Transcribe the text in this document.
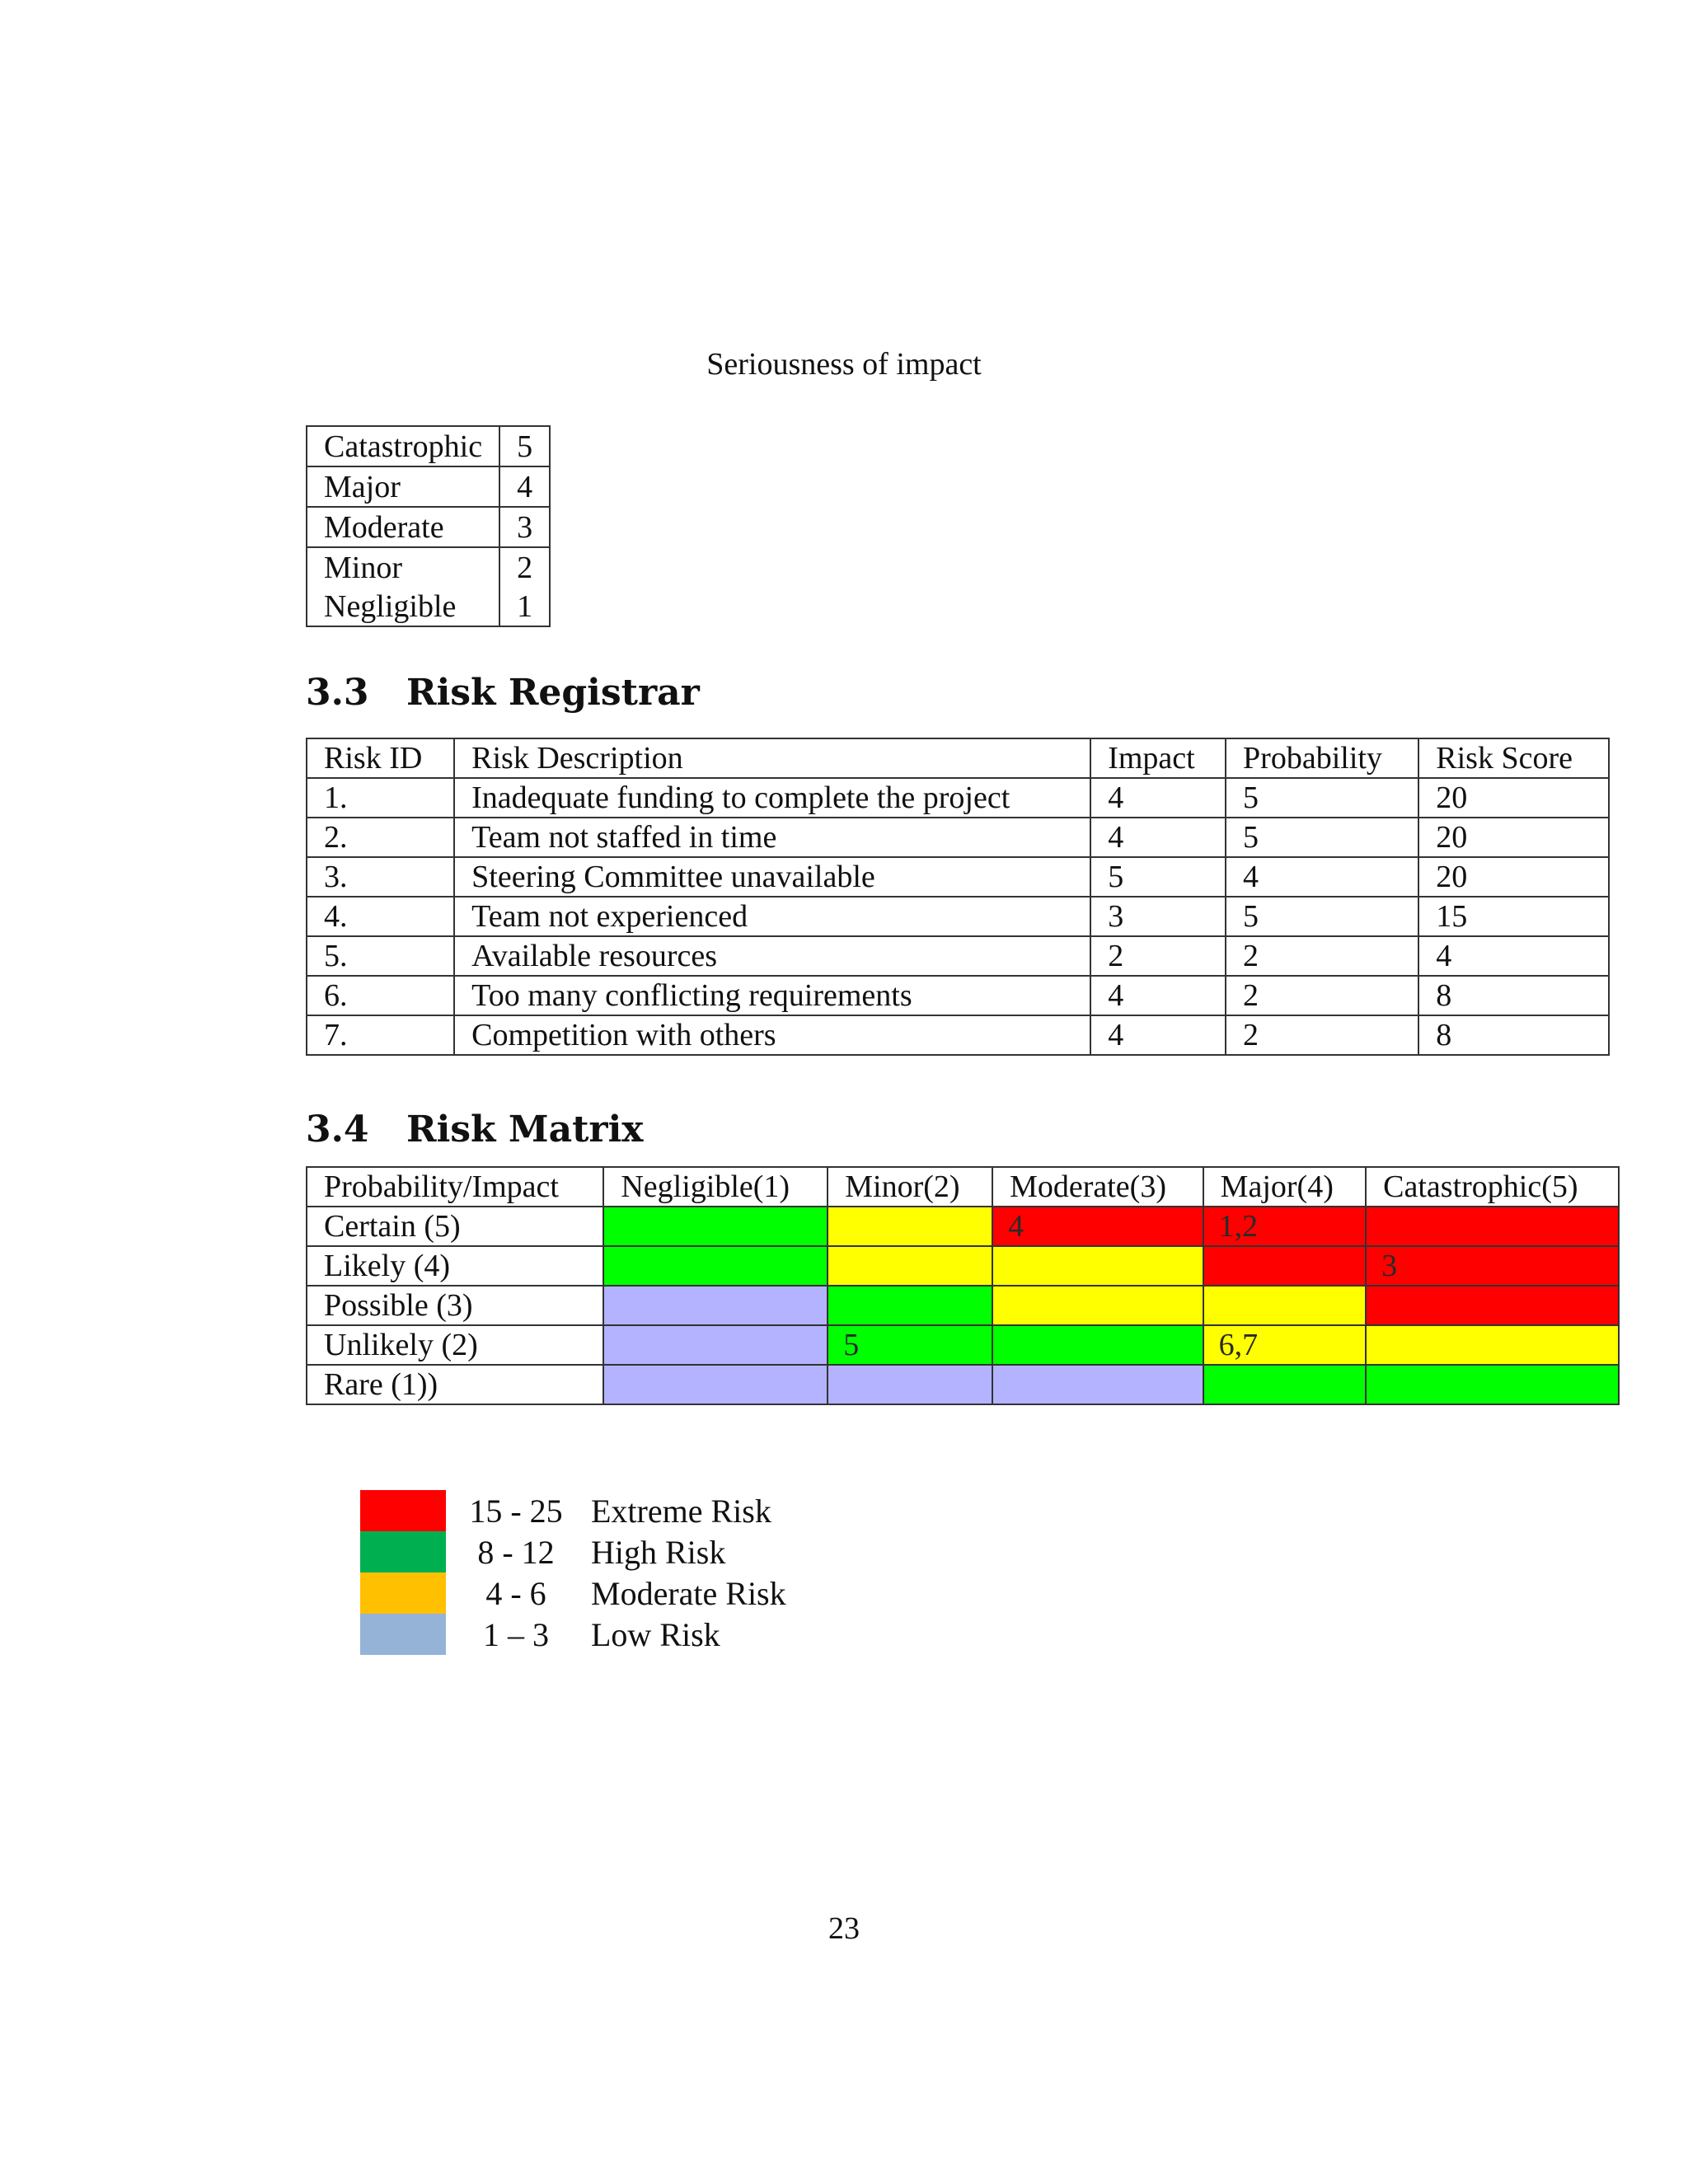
Seriousness of impact
Catastrophic	5
Major	4
Moderate	3
Minor	2
Negligible	1
3.3 Risk Registrar
Risk ID	Risk Description	Impact	Probability	Risk Score
1.	Inadequate funding to complete the project	4	5	20
2.	Team not staffed in time	4	5	20
3.	Steering Committee unavailable	5	4	20
4.	Team not experienced	3	5	15
5.	Available resources	2	2	4
6.	Too many conflicting requirements	4	2	8
7.	Competition with others	4	2	8
3.4 Risk Matrix
Probability/Impact	Negligible(1)	Minor(2)	Moderate(3)	Major(4)	Catastrophic(5)
Certain (5)			4	1,2	
Likely (4)					3
Possible (3)					
Unlikely (2)		5		6,7	
Rare (1))					
15 - 25 Extreme Risk
8 - 12	High Risk
4 - 6	Moderate Risk
1 – 3	Low Risk
23
